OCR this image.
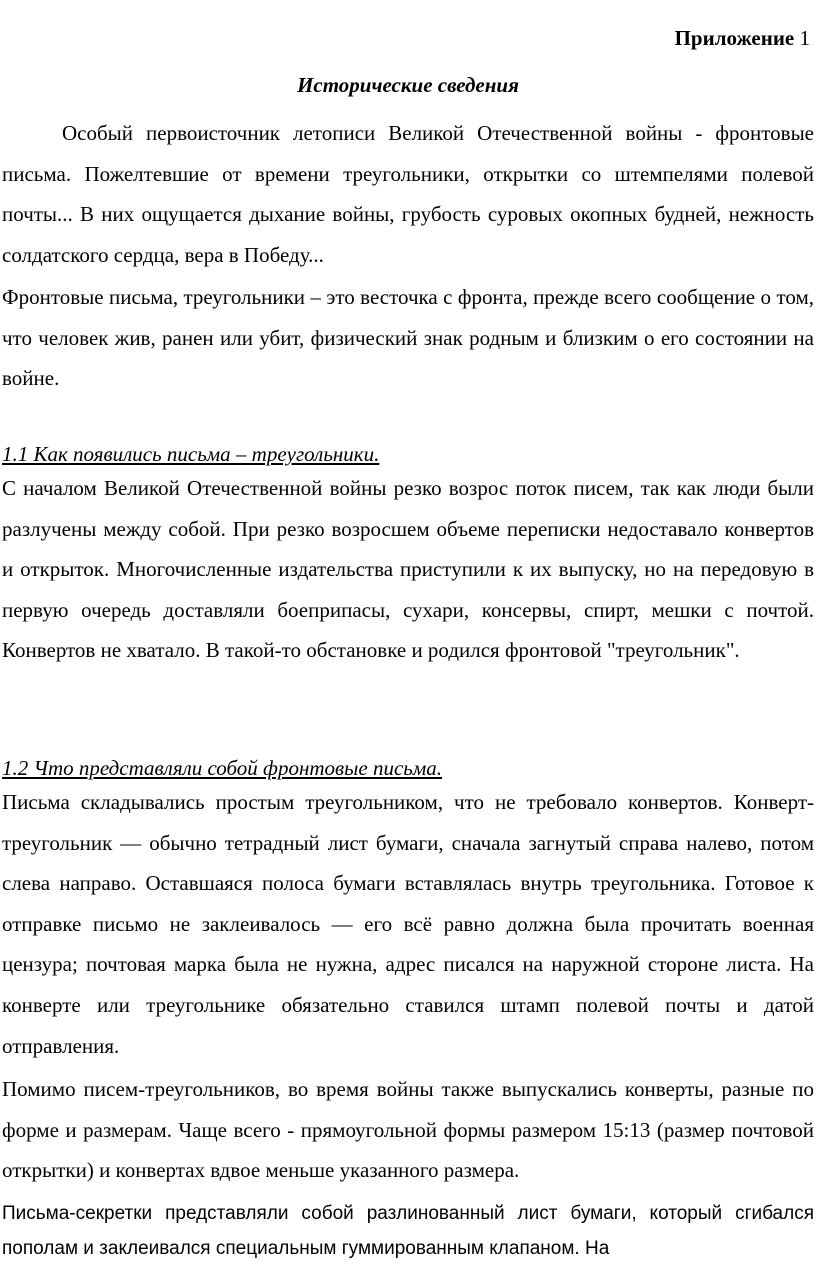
Приложение 1
Исторические сведения

Особый первоисточник летописи Великой Отечественной войны - фронтовые письма. Пожелтевшие от времени треугольники, открытки со штемпелями полевой почты... В них ощущается дыхание войны, грубость суровых окопных будней, нежность солдатского сердца, вера в Победу...

Фронтовые письма, треугольники – это весточка с фронта, прежде всего сообщение о том, что человек жив, ранен или убит, физический знак родным и близким о его состоянии на войне.

1.1 Как появились письма – треугольники.

С началом Великой Отечественной войны резко возрос поток писем, так как люди были разлучены между собой. При резко возросшем объеме переписки недоставало конвертов и открыток. Многочисленные издательства приступили к их выпуску, но на передовую в первую очередь доставляли боеприпасы, сухари, консервы, спирт, мешки с почтой. Конвертов не хватало. В такой-то обстановке и родился фронтовой "треугольник".

1.2 Что представляли собой фронтовые письма.

Письма складывались простым треугольником, что не требовало конвертов. Конверт- треугольник — обычно тетрадный лист бумаги, сначала загнутый справа налево, потом слева направо. Оставшаяся полоса бумаги вставлялась внутрь треугольника. Готовое к отправке письмо не заклеивалось — его всё равно должна была прочитать военная цензура; почтовая марка была не нужна, адрес писался на наружной стороне листа. На конверте или треугольнике обязательно ставился штамп полевой почты и датой отправления.

Помимо писем-треугольников, во время войны также выпускались конверты, разные по форме и размерам. Чаще всего - прямоугольной формы размером 15:13 (размер почтовой открытки) и конвертах вдвое меньше указанного размера.

Письма-секретки представляли собой разлинованный лист бумаги, который сгибался пополам и заклеивался специальным гуммированным клапаном. На
